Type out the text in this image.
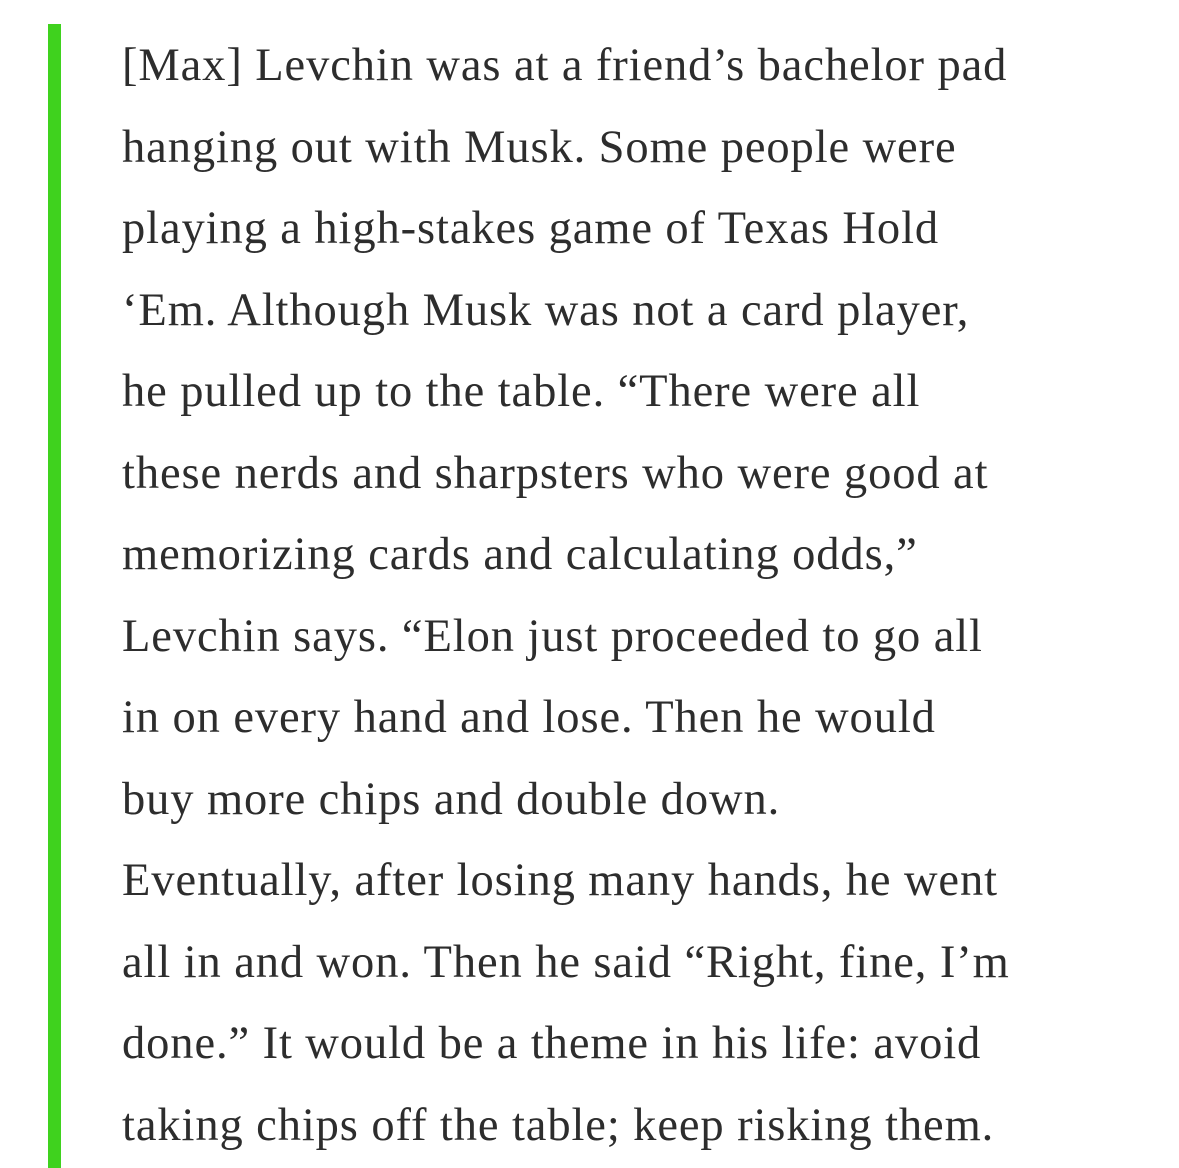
[Max] Levchin was at a friend’s bachelor pad
hanging out with Musk. Some people were
playing a high-stakes game of Texas Hold
‘Em. Although Musk was not a card player,
he pulled up to the table. “There were all
these nerds and sharpsters who were good at
memorizing cards and calculating odds,”
Levchin says. “Elon just proceeded to go all
in on every hand and lose. Then he would
buy more chips and double down.
Eventually, after losing many hands, he went
all in and won. Then he said “Right, fine, I’m
done.” It would be a theme in his life: avoid
taking chips off the table; keep risking them.
